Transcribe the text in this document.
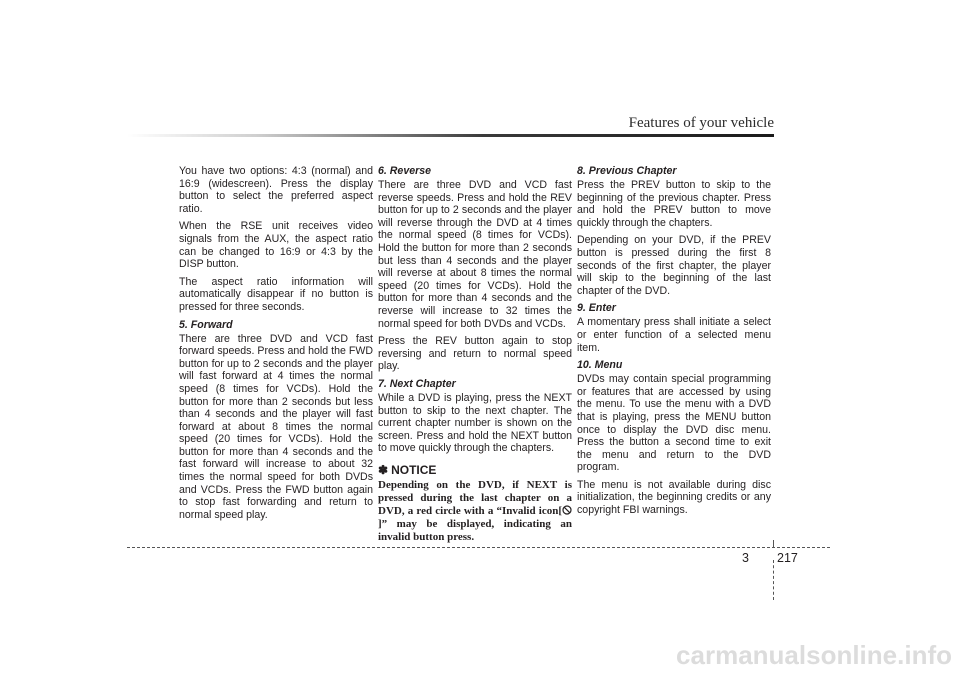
Features of your vehicle

You have two options: 4:3 (normal) and 16:9 (widescreen). Press the display button to select the preferred aspect ratio.

When the RSE unit receives video signals from the AUX, the aspect ratio can be changed to 16:9 or 4:3 by the DISP button.

The aspect ratio information will automatically disappear if no button is pressed for three seconds.

5. Forward

There are three DVD and VCD fast forward speeds. Press and hold the FWD button for up to 2 seconds and the player will fast forward at 4 times the normal speed (8 times for VCDs). Hold the button for more than 2 seconds but less than 4 seconds and the player will fast forward at about 8 times the normal speed (20 times for VCDs). Hold the button for more than 4 seconds and the fast forward will increase to about 32 times the normal speed for both DVDs and VCDs. Press the FWD button again to stop fast forwarding and return to normal speed play.

6. Reverse

There are three DVD and VCD fast reverse speeds. Press and hold the REV button for up to 2 seconds and the player will reverse through the DVD at 4 times the normal speed (8 times for VCDs). Hold the button for more than 2 seconds but less than 4 seconds and the player will reverse at about 8 times the normal speed (20 times for VCDs). Hold the button for more than 4 seconds and the reverse will increase to 32 times the normal speed for both DVDs and VCDs.

Press the REV button again to stop reversing and return to normal speed play.

7. Next Chapter

While a DVD is playing, press the NEXT button to skip to the next chapter. The current chapter number is shown on the screen. Press and hold the NEXT button to move quickly through the chapters.

✽ NOTICE

Depending on the DVD, if NEXT is pressed during the last chapter on a DVD, a red circle with a “Invalid icon[]” may be displayed, indicating an invalid button press.

8. Previous Chapter

Press the PREV button to skip to the beginning of the previous chapter. Press and hold the PREV button to move quickly through the chapters.

Depending on your DVD, if the PREV button is pressed during the first 8 seconds of the first chapter, the player will skip to the beginning of the last chapter of the DVD.

9. Enter

A momentary press shall initiate a select or enter function of a selected menu item.

10. Menu

DVDs may contain special programming or features that are accessed by using the menu. To use the menu with a DVD that is playing, press the MENU button once to display the DVD disc menu. Press the button a second time to exit the menu and return to the DVD program.

The menu is not available during disc initialization, the beginning credits or any copyright FBI warnings.

3 217
carmanualsonline.info
